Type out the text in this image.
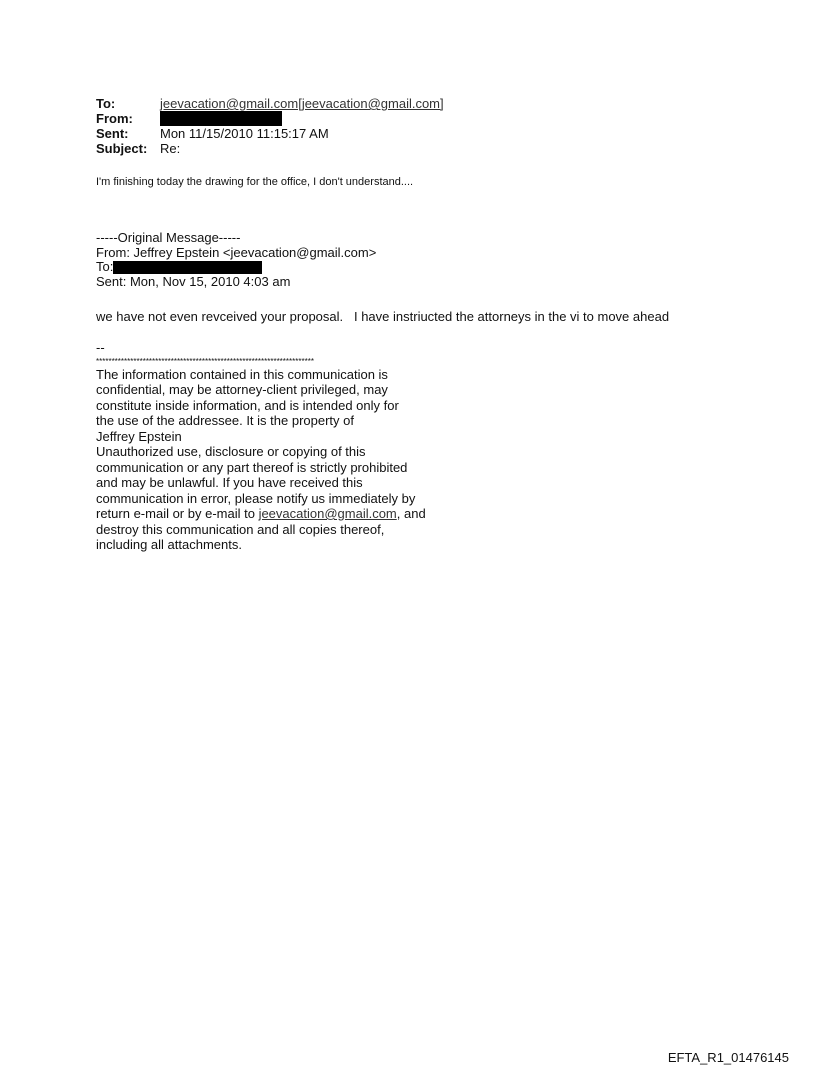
To:	jeevacation@gmail.com[jeevacation@gmail.com]
From:
Sent:	Mon 11/15/2010 11:15:17 AM
Subject: Re:
I'm finishing today the drawing for the office, I don't understand....
-----Original Message-----
From: Jeffrey Epstein <jeevacation@gmail.com>
To:
Sent: Mon, Nov 15, 2010 4:03 am
we have not even revceived your proposal.   I have instriucted the attorneys in the vi to move ahead
--
**********************************************************************
The information contained in this communication is
confidential, may be attorney-client privileged, may
constitute inside information, and is intended only for
the use of the addressee. It is the property of
Jeffrey Epstein
Unauthorized use, disclosure or copying of this
communication or any part thereof is strictly prohibited
and may be unlawful. If you have received this
communication in error, please notify us immediately by
return e-mail or by e-mail to jeevacation@gmail.com, and
destroy this communication and all copies thereof,
including all attachments.
EFTA_R1_01476145
